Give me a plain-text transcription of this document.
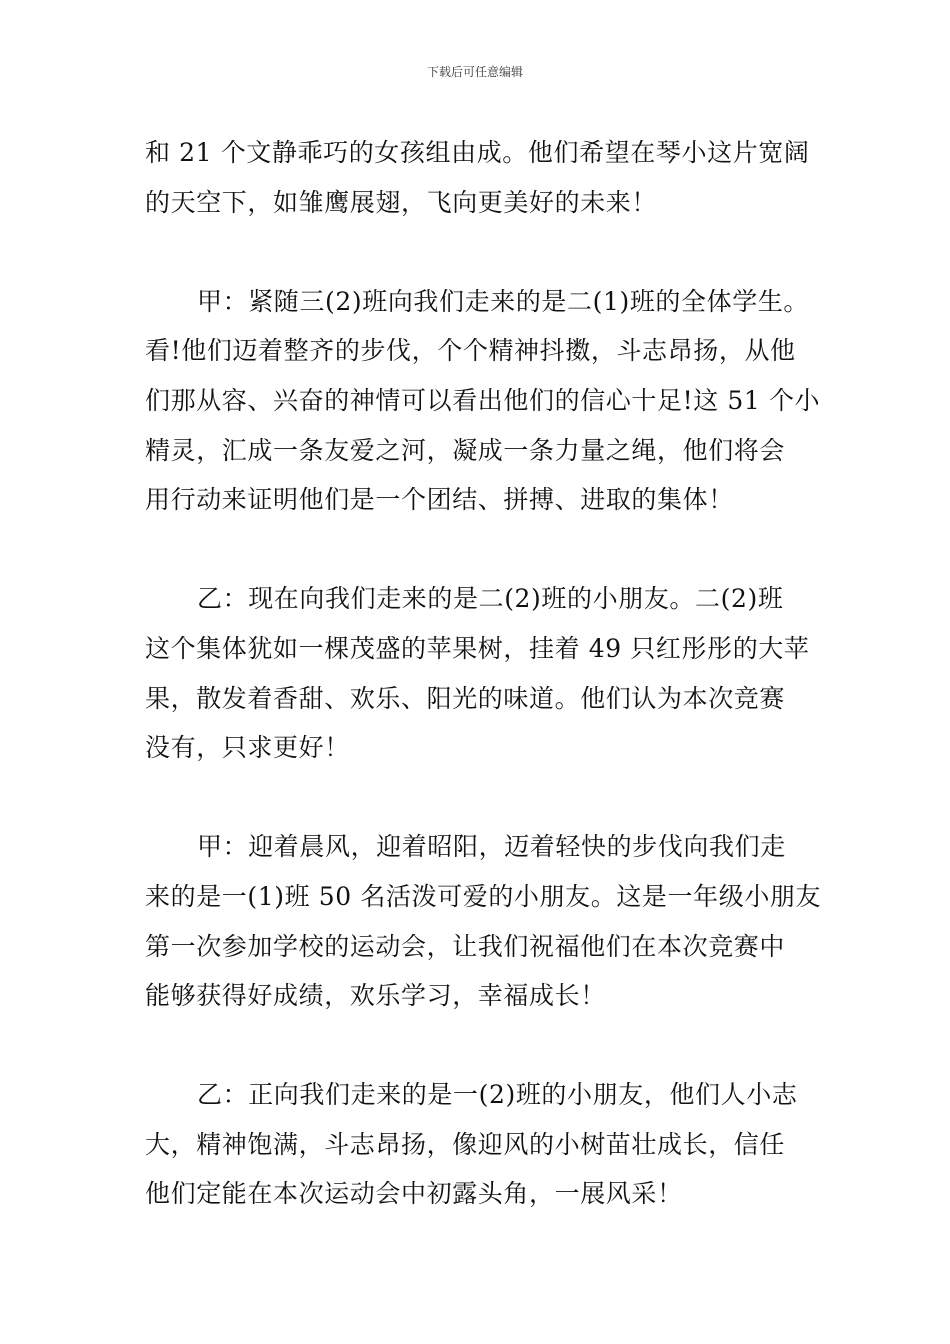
下载后可任意编辑
和 21 个文静乖巧的女孩组由成。他们希望在琴小这片宽阔
的天空下，如雏鹰展翅，飞向更美好的未来！
甲：紧随三(2)班向我们走来的是二(1)班的全体学生。
看!他们迈着整齐的步伐，个个精神抖擞，斗志昂扬，从他
们那从容、兴奋的神情可以看出他们的信心十足!这 51 个小
精灵，汇成一条友爱之河，凝成一条力量之绳，他们将会
用行动来证明他们是一个团结、拼搏、进取的集体！
乙：现在向我们走来的是二(2)班的小朋友。二(2)班
这个集体犹如一棵茂盛的苹果树，挂着 49 只红彤彤的大苹
果，散发着香甜、欢乐、阳光的味道。他们认为本次竞赛
没有，只求更好！
甲：迎着晨风，迎着昭阳，迈着轻快的步伐向我们走
来的是一(1)班 50 名活泼可爱的小朋友。这是一年级小朋友
第一次参加学校的运动会，让我们祝福他们在本次竞赛中
能够获得好成绩，欢乐学习，幸福成长！
乙：正向我们走来的是一(2)班的小朋友，他们人小志
大，精神饱满，斗志昂扬，像迎风的小树苗壮成长，信任
他们定能在本次运动会中初露头角，一展风采！
